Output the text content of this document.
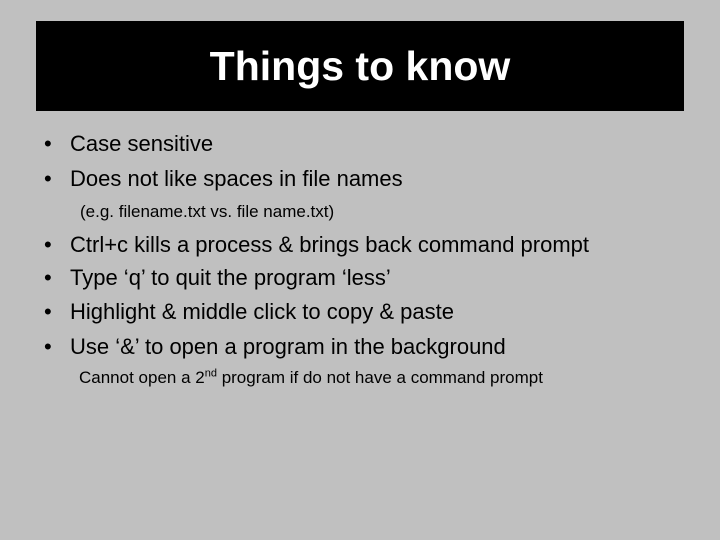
Things to know
• Case sensitive
• Does not like spaces in file names
(e.g. filename.txt vs. file name.txt)
• Ctrl+c kills a process & brings back command prompt
• Type ‘q’ to quit the program ‘less’
• Highlight & middle click to copy & paste
• Use ‘&’ to open a program in the background
Cannot open a 2nd program if do not have a command prompt
